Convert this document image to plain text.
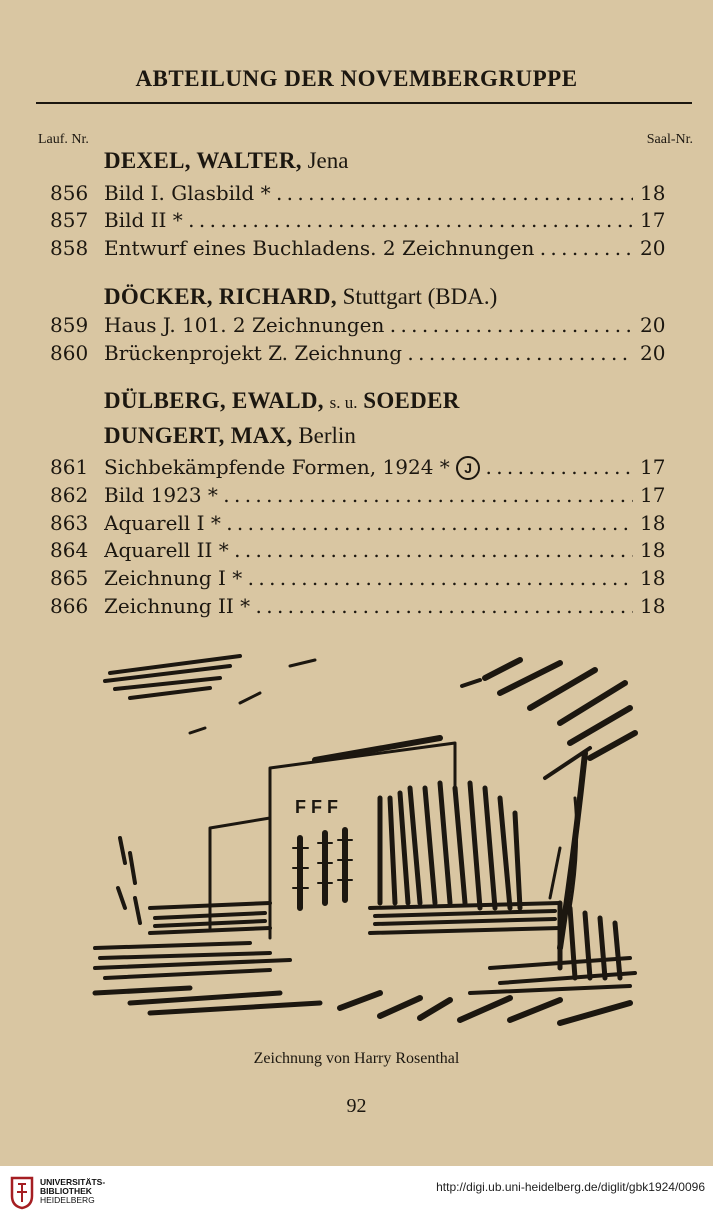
ABTEILUNG DER NOVEMBERGRUPPE
Lauf. Nr.	Saal-Nr.
DEXEL, WALTER, Jena
856 Bild I. Glasbild * . . .	18
857 Bild II * . . .	17
858 Entwurf eines Buchladens. 2 Zeichnungen . . .	20
DÖCKER, RICHARD, Stuttgart (BDA.)
859 Haus J. 101. 2 Zeichnungen . . .	20
860 Brückenprojekt Z. Zeichnung . . .	20
DÜLBERG, EWALD, s. u. SOEDER
DUNGERT, MAX, Berlin
861 Sichbekämpfende Formen, 1924 * J . . .	17
862 Bild 1923 * . . .	17
863 Aquarell I * . . .	18
864 Aquarell II * . . .	18
865 Zeichnung I * . . .	18
866 Zeichnung II * . . .	18
F F F
Zeichnung von Harry Rosenthal
92
UNIVERSITÄTS-
BIBLIOTHEK
HEIDELBERG
http://digi.ub.uni-heidelberg.de/diglit/gbk1924/0096
